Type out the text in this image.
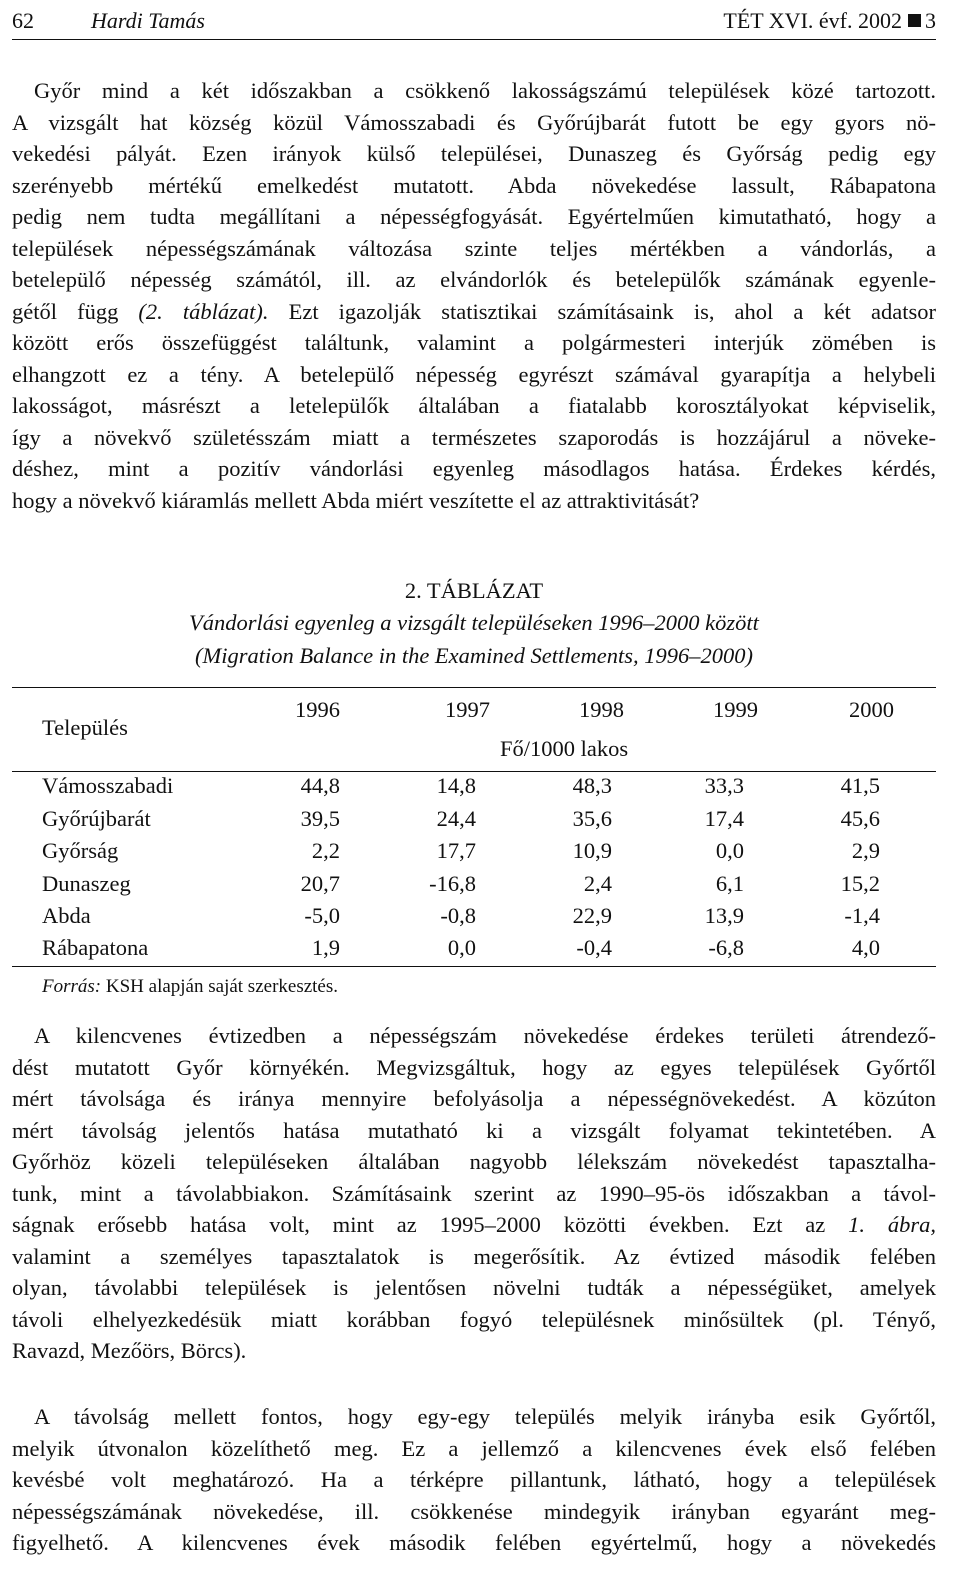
62	Hardi Tamás	TÉT XVI. évf. 2002 3
Győr mind a két időszakban a csökkenő lakosságszámú települések közé tartozott.
A vizsgált hat község közül Vámosszabadi és Győrújbarát futott be egy gyors nö-
vekedési pályát. Ezen irányok külső települései, Dunaszeg és Győrság pedig egy
szerényebb mértékű emelkedést mutatott. Abda növekedése lassult, Rábapatona
pedig nem tudta megállítani a népességfogyását. Egyértelműen kimutatható, hogy a
települések népességszámának változása szinte teljes mértékben a vándorlás, a
betelepülő népesség számától, ill. az elvándorlók és betelepülők számának egyenle-
gétől függ (2. táblázat). Ezt igazolják statisztikai számításaink is, ahol a két adatsor
között erős összefüggést találtunk, valamint a polgármesteri interjúk zömében is
elhangzott ez a tény. A betelepülő népesség egyrészt számával gyarapítja a helybeli
lakosságot, másrészt a letelepülők általában a fiatalabb korosztályokat képviselik,
így a növekvő születésszám miatt a természetes szaporodás is hozzájárul a növeke-
déshez, mint a pozitív vándorlási egyenleg másodlagos hatása. Érdekes kérdés,
hogy a növekvő kiáramlás mellett Abda miért veszítette el az attraktivitását?
2. TÁBLÁZAT
Vándorlási egyenleg a vizsgált településeken 1996–2000 között
(Migration Balance in the Examined Settlements, 1996–2000)
Település
1996	1997	1998	1999	2000
Fő/1000 lakos
Vámosszabadi	44,8	14,8	48,3	33,3	41,5
Győrújbarát	39,5	24,4	35,6	17,4	45,6
Győrság	2,2	17,7	10,9	0,0	2,9
Dunaszeg	20,7	-16,8	2,4	6,1	15,2
Abda	-5,0	-0,8	22,9	13,9	-1,4
Rábapatona	1,9	0,0	-0,4	-6,8	4,0
Forrás: KSH alapján saját szerkesztés.
A kilencvenes évtizedben a népességszám növekedése érdekes területi átrendező-
dést mutatott Győr környékén. Megvizsgáltuk, hogy az egyes települések Győrtől
mért távolsága és iránya mennyire befolyásolja a népességnövekedést. A közúton
mért távolság jelentős hatása mutatható ki a vizsgált folyamat tekintetében. A
Győrhöz közeli településeken általában nagyobb lélekszám növekedést tapasztalha-
tunk, mint a távolabbiakon. Számításaink szerint az 1990–95-ös időszakban a távol-
ságnak erősebb hatása volt, mint az 1995–2000 közötti években. Ezt az 1. ábra,
valamint a személyes tapasztalatok is megerősítik. Az évtized második felében
olyan, távolabbi települések is jelentősen növelni tudták a népességüket, amelyek
távoli elhelyezkedésük miatt korábban fogyó településnek minősültek (pl. Tényő,
Ravazd, Mezőörs, Börcs).
A távolság mellett fontos, hogy egy-egy település melyik irányba esik Győrtől,
melyik útvonalon közelíthető meg. Ez a jellemző a kilencvenes évek első felében
kevésbé volt meghatározó. Ha a térképre pillantunk, látható, hogy a települések
népességszámának növekedése, ill. csökkenése mindegyik irányban egyaránt meg-
figyelhető. A kilencvenes évek második felében egyértelmű, hogy a növekedés
